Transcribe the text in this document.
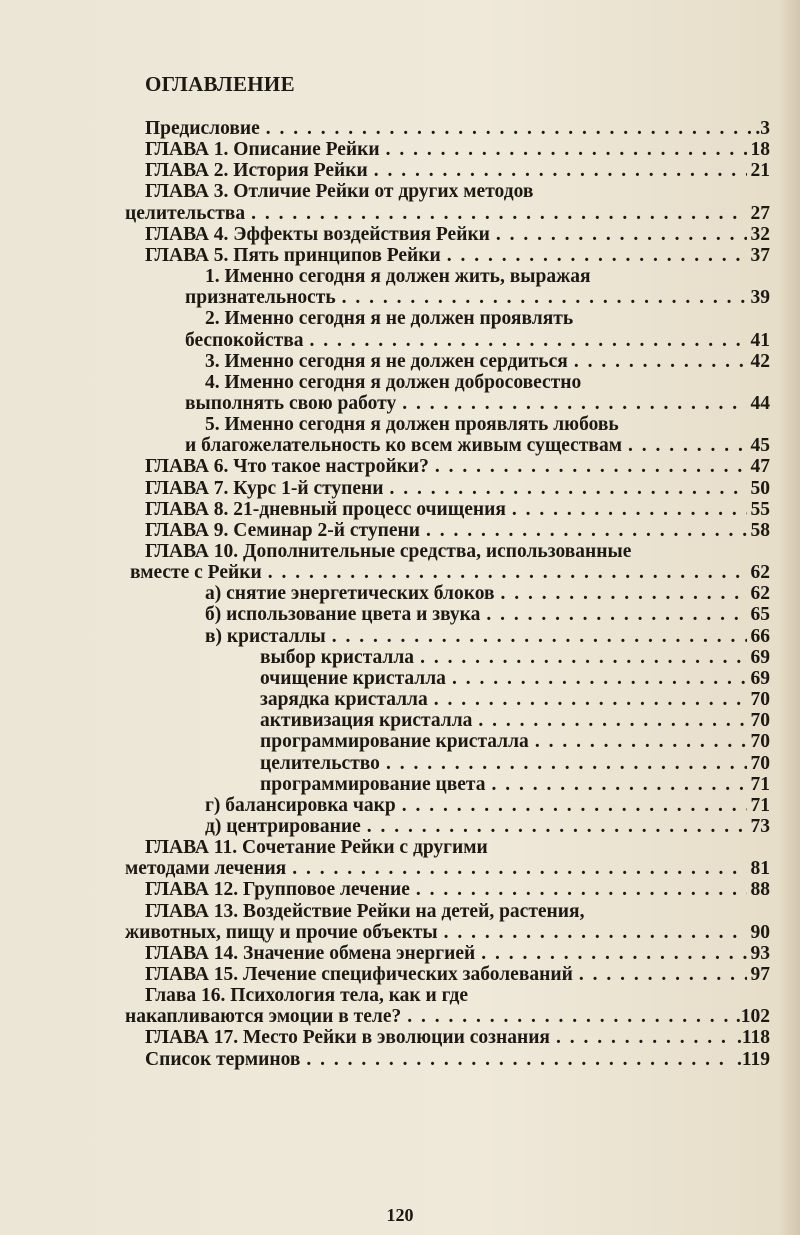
ОГЛАВЛЕНИЕ
Предисловие . . .	.3
ГЛАВА 1. Описание Рейки . . .	18
ГЛАВА 2. История Рейки . . .	21
ГЛАВА 3. Отличие Рейки от других методов
целительства . . .	27
ГЛАВА 4. Эффекты воздействия Рейки . . .	32
ГЛАВА 5. Пять принципов Рейки . . .	37
1. Именно сегодня я должен жить, выражая
признательность . . .	39
2. Именно сегодня я не должен проявлять
беспокойства . . .	41
3. Именно сегодня я не должен сердиться . . .	42
4. Именно сегодня я должен добросовестно
выполнять свою работу . . .	44
5. Именно сегодня я должен проявлять любовь
и благожелательность ко всем живым существам . . .	45
ГЛАВА 6. Что такое настройки? . . .	47
ГЛАВА 7. Курс 1-й ступени . . .	50
ГЛАВА 8. 21-дневный процесс очищения . . .	55
ГЛАВА 9. Семинар 2-й ступени . . .	58
ГЛАВА 10. Дополнительные средства, использованные
вместе с Рейки . . .	62
а) снятие энергетических блоков . . .	62
б) использование цвета и звука . . .	65
в) кристаллы . . .	66
выбор кристалла . . .	69
очищение кристалла . . .	69
зарядка кристалла . . .	70
активизация кристалла . . .	70
программирование кристалла . . .	70
целительство . . .	70
программирование цвета . . .	71
г) балансировка чакр . . .	71
д) центрирование . . .	73
ГЛАВА 11. Сочетание Рейки с другими
методами лечения . . .	81
ГЛАВА 12. Групповое лечение . . .	88
ГЛАВА 13. Воздействие Рейки на детей, растения,
животных, пищу и прочие объекты . . .	90
ГЛАВА 14. Значение обмена энергией . . .	93
ГЛАВА 15. Лечение специфических заболеваний . . .	97
Глава 16. Психология тела, как и где
накапливаются эмоции в теле? . . .	.102
ГЛАВА 17. Место Рейки в эволюции сознания . . .	.118
Список терминов . . .	.119
120
